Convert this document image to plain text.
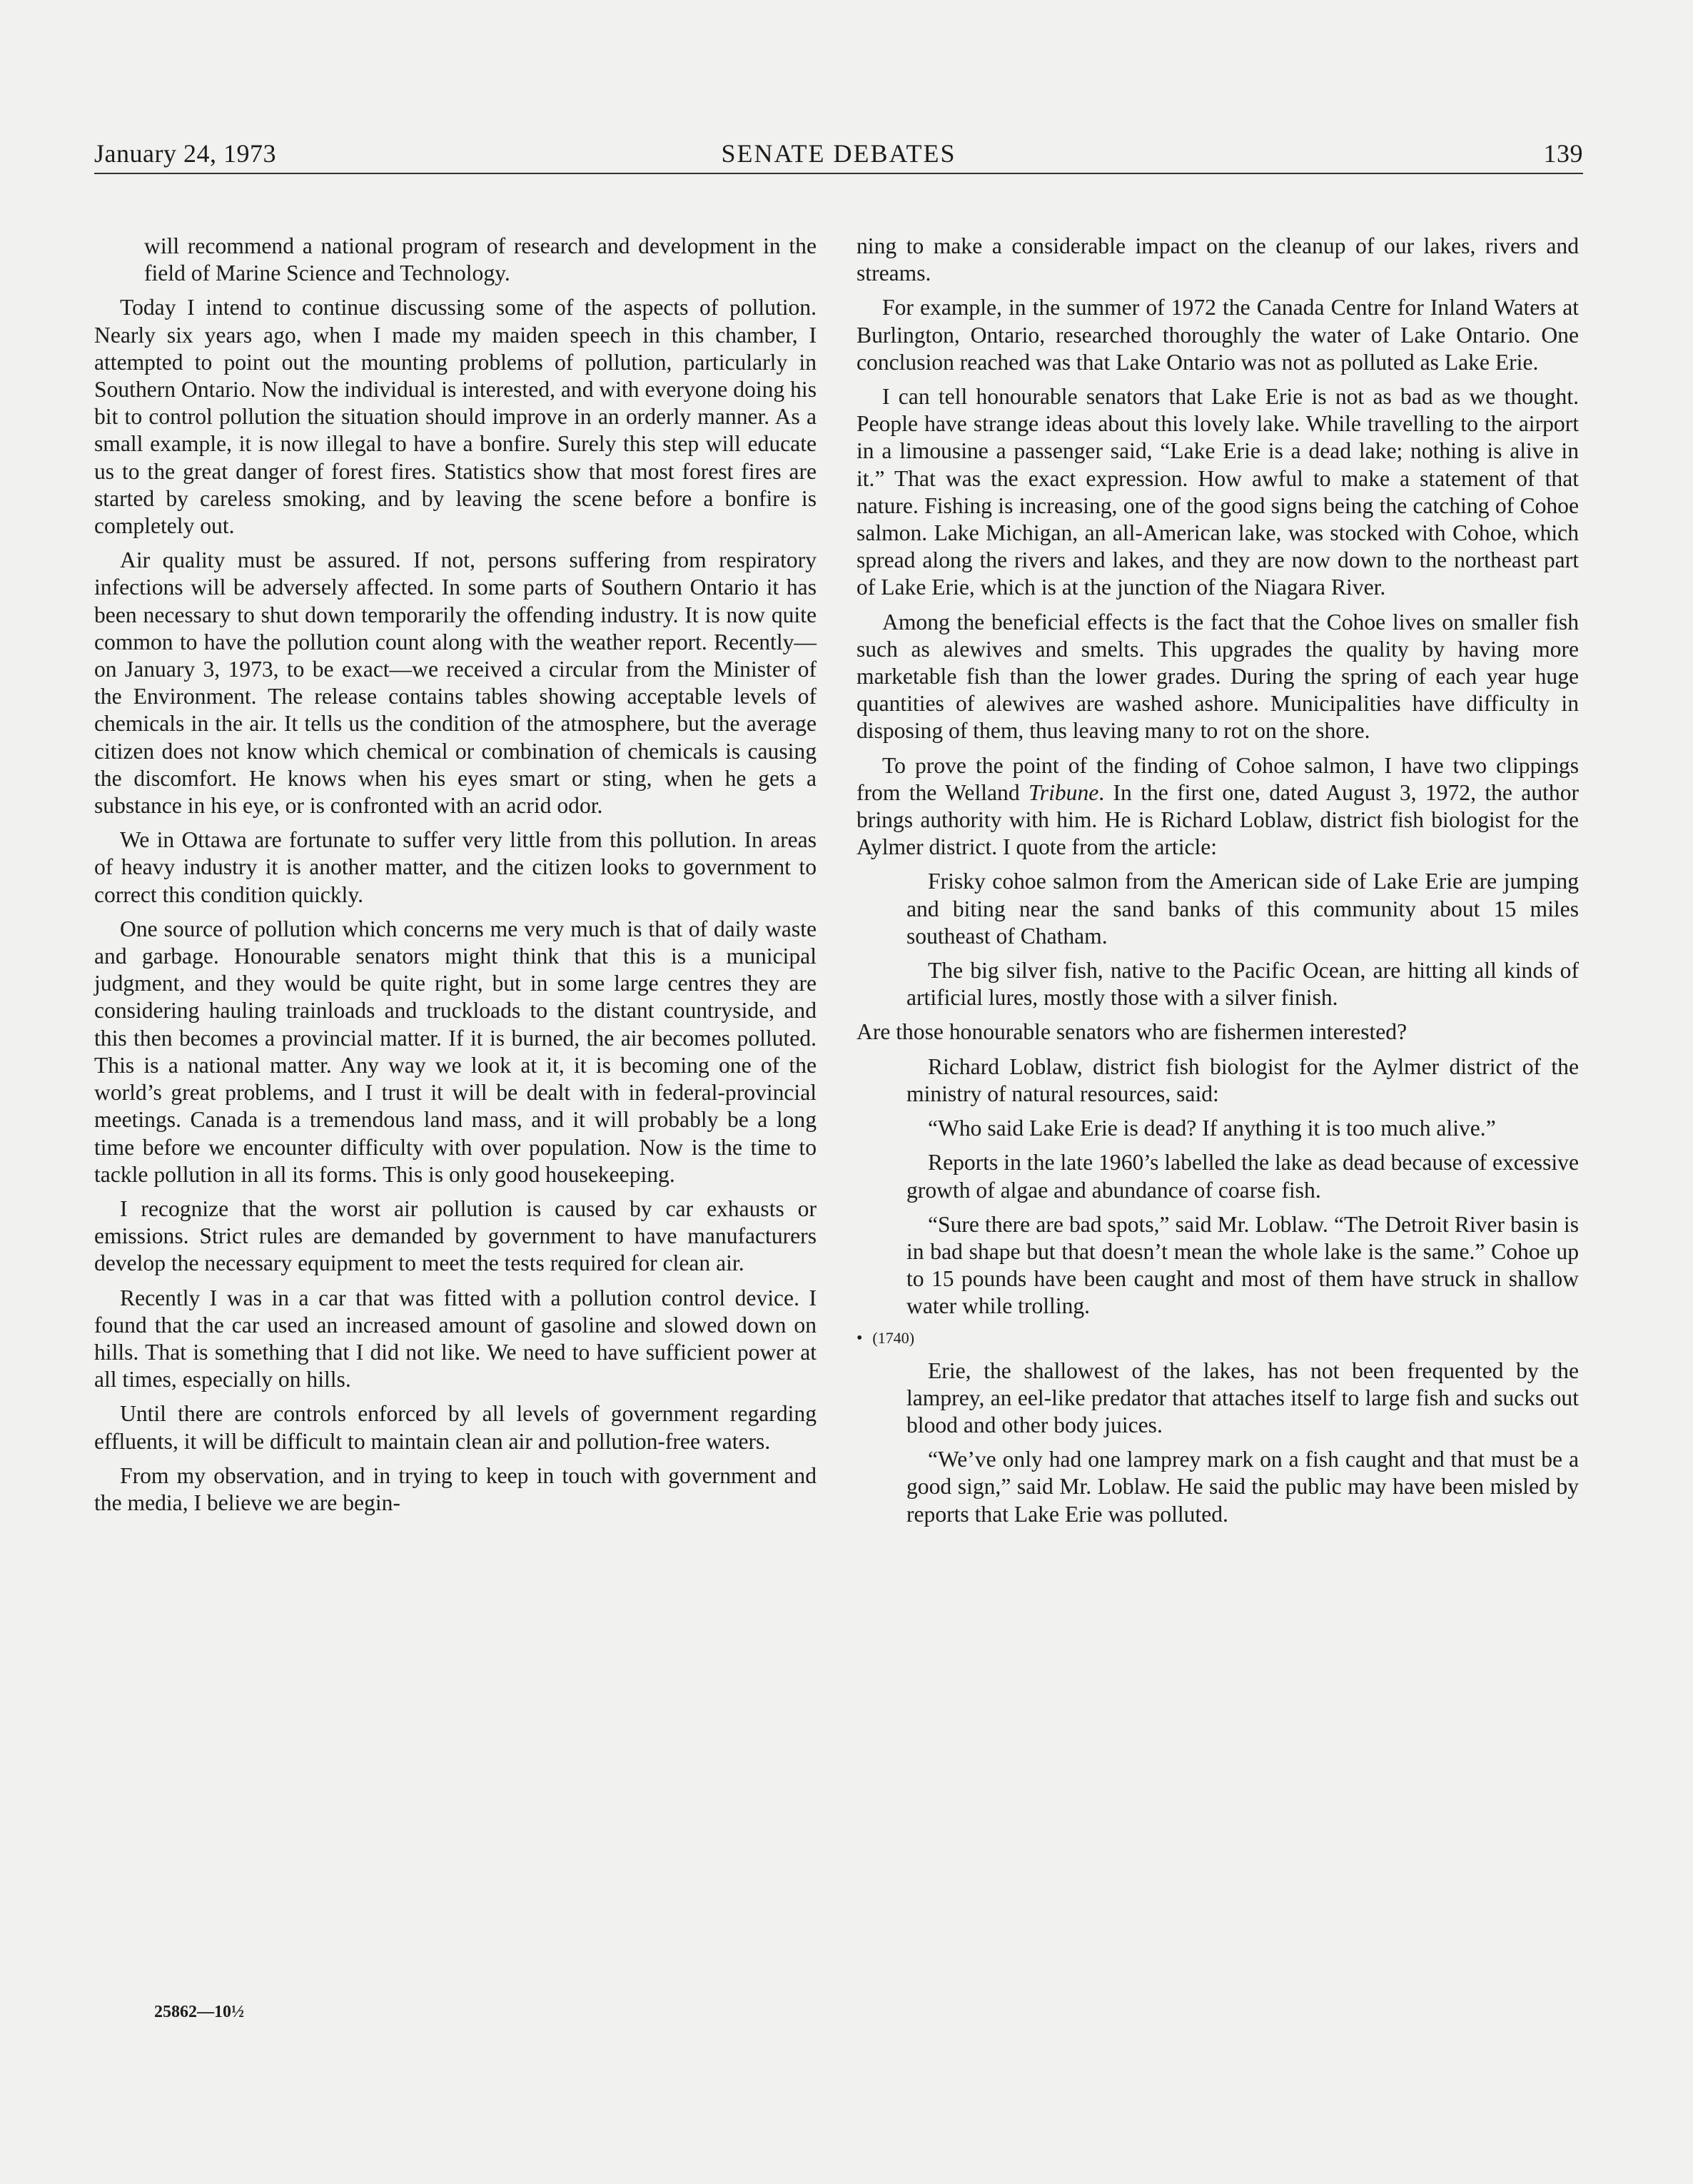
January 24, 1973	SENATE DEBATES	139

will recommend a national program of research and development in the field of Marine Science and Technology.

Today I intend to continue discussing some of the aspects of pollution. Nearly six years ago, when I made my maiden speech in this chamber, I attempted to point out the mounting problems of pollution, particularly in Southern Ontario. Now the individual is interested, and with everyone doing his bit to control pollution the situation should improve in an orderly manner. As a small example, it is now illegal to have a bonfire. Surely this step will educate us to the great danger of forest fires. Statistics show that most forest fires are started by careless smoking, and by leaving the scene before a bonfire is completely out.

Air quality must be assured. If not, persons suffering from respiratory infections will be adversely affected. In some parts of Southern Ontario it has been necessary to shut down temporarily the offending industry. It is now quite common to have the pollution count along with the weather report. Recently—on January 3, 1973, to be exact—we received a circular from the Minister of the Environment. The release contains tables showing acceptable levels of chemicals in the air. It tells us the condition of the atmosphere, but the average citizen does not know which chemical or combination of chemicals is causing the discomfort. He knows when his eyes smart or sting, when he gets a substance in his eye, or is confronted with an acrid odor.

We in Ottawa are fortunate to suffer very little from this pollution. In areas of heavy industry it is another matter, and the citizen looks to government to correct this condition quickly.

One source of pollution which concerns me very much is that of daily waste and garbage. Honourable senators might think that this is a municipal judgment, and they would be quite right, but in some large centres they are considering hauling trainloads and truckloads to the distant countryside, and this then becomes a provincial matter. If it is burned, the air becomes polluted. This is a national matter. Any way we look at it, it is becoming one of the world’s great problems, and I trust it will be dealt with in federal-provincial meetings. Canada is a tremendous land mass, and it will probably be a long time before we encounter difficulty with over population. Now is the time to tackle pollution in all its forms. This is only good housekeeping.

I recognize that the worst air pollution is caused by car exhausts or emissions. Strict rules are demanded by government to have manufacturers develop the necessary equipment to meet the tests required for clean air.

Recently I was in a car that was fitted with a pollution control device. I found that the car used an increased amount of gasoline and slowed down on hills. That is something that I did not like. We need to have sufficient power at all times, especially on hills.

Until there are controls enforced by all levels of government regarding effluents, it will be difficult to maintain clean air and pollution-free waters.

From my observation, and in trying to keep in touch with government and the media, I believe we are begin-

ning to make a considerable impact on the cleanup of our lakes, rivers and streams.

For example, in the summer of 1972 the Canada Centre for Inland Waters at Burlington, Ontario, researched thoroughly the water of Lake Ontario. One conclusion reached was that Lake Ontario was not as polluted as Lake Erie.

I can tell honourable senators that Lake Erie is not as bad as we thought. People have strange ideas about this lovely lake. While travelling to the airport in a limousine a passenger said, “Lake Erie is a dead lake; nothing is alive in it.” That was the exact expression. How awful to make a statement of that nature. Fishing is increasing, one of the good signs being the catching of Cohoe salmon. Lake Michigan, an all-American lake, was stocked with Cohoe, which spread along the rivers and lakes, and they are now down to the northeast part of Lake Erie, which is at the junction of the Niagara River.

Among the beneficial effects is the fact that the Cohoe lives on smaller fish such as alewives and smelts. This upgrades the quality by having more marketable fish than the lower grades. During the spring of each year huge quantities of alewives are washed ashore. Municipalities have difficulty in disposing of them, thus leaving many to rot on the shore.

To prove the point of the finding of Cohoe salmon, I have two clippings from the Welland Tribune. In the first one, dated August 3, 1972, the author brings authority with him. He is Richard Loblaw, district fish biologist for the Aylmer district. I quote from the article:

Frisky cohoe salmon from the American side of Lake Erie are jumping and biting near the sand banks of this community about 15 miles southeast of Chatham.

The big silver fish, native to the Pacific Ocean, are hitting all kinds of artificial lures, mostly those with a silver finish.

Are those honourable senators who are fishermen interested?

Richard Loblaw, district fish biologist for the Aylmer district of the ministry of natural resources, said:

“Who said Lake Erie is dead? If anything it is too much alive.”

Reports in the late 1960’s labelled the lake as dead because of excessive growth of algae and abundance of coarse fish.

“Sure there are bad spots,” said Mr. Loblaw. “The Detroit River basin is in bad shape but that doesn’t mean the whole lake is the same.” Cohoe up to 15 pounds have been caught and most of them have struck in shallow water while trolling.

• (1740)

Erie, the shallowest of the lakes, has not been frequented by the lamprey, an eel-like predator that attaches itself to large fish and sucks out blood and other body juices.

“We’ve only had one lamprey mark on a fish caught and that must be a good sign,” said Mr. Loblaw. He said the public may have been misled by reports that Lake Erie was polluted.

25862—10½
